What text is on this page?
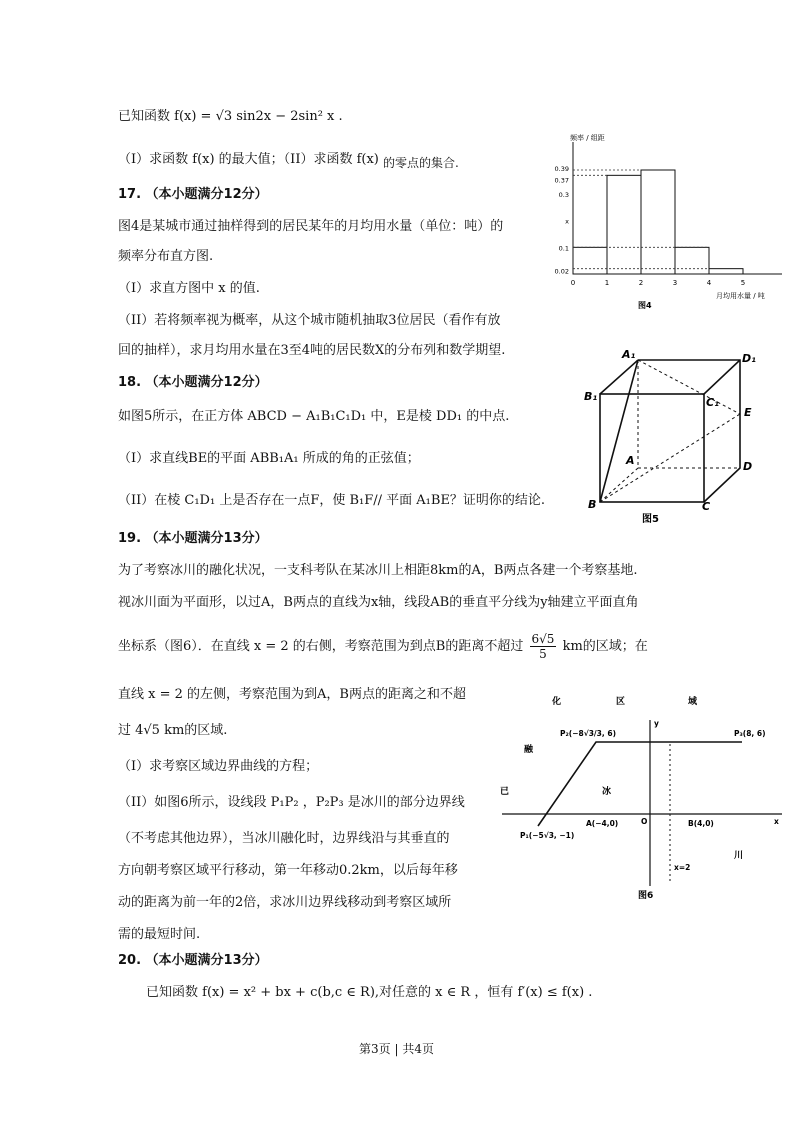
已知函数 f(x) = √3 sin2x − 2sin² x .
（I）求函数 f(x) 的最大值；（II）求函数 f(x) 的零点的集合.
17. （本小题满分12分）
图4是某城市通过抽样得到的居民某年的月均用水量（单位：吨）的
频率分布直方图.
（I）求直方图中 x 的值.
（II）若将频率视为概率，从这个城市随机抽取3位居民（看作有放
回的抽样），求月均用水量在3至4吨的居民数X的分布列和数学期望.
频率 / 组距
0.39
0.37
0.3
x
0.1
0.02
0	1	2	3	4	5
月均用水量 / 吨
图4
18. （本小题满分12分）
如图5所示，在正方体 ABCD − A₁B₁C₁D₁ 中，E是棱 DD₁ 的中点.
（I）求直线BE的平面 ABB₁A₁ 所成的角的正弦值；
（II）在棱 C₁D₁ 上是否存在一点F，使 B₁F// 平面 A₁BE？证明你的结论.
A₁	D₁
B₁	C₁
E
A	D
B	C
图5
19. （本小题满分13分）
为了考察冰川的融化状况，一支科考队在某冰川上相距8km的A，B两点各建一个考察基地.
视冰川面为平面形，以过A，B两点的直线为x轴，线段AB的垂直平分线为y轴建立平面直角
坐标系（图6）．在直线 x = 2 的右侧，考察范围为到点B的距离不超过 $\frac{6√5}{5}$ km的区域；在
直线 x = 2 的左侧，考察范围为到A，B两点的距离之和不超
过 4√5 km的区域.
（I）求考察区域边界曲线的方程；
（II）如图6所示，设线段 P₁P₂ ，P₂P₃ 是冰川的部分边界线
（不考虑其他边界），当冰川融化时，边界线沿与其垂直的
方向朝考察区域平行移动，第一年移动0.2km，以后每年移
动的距离为前一年的2倍，求冰川边界线移动到考察区域所
需的最短时间.
化	区	域
融
已	冰
川
P₂(−8√3/3, 6)	P₃(8, 6)
P₁(−5√3, −1)
A(−4,0)	O	B(4,0)
y
x
x=2
图6
20. （本小题满分13分）
已知函数 f(x) = x² + bx + c(b,c ∈ R),对任意的 x ∈ R ，恒有 f′(x) ≤ f(x) .
第3页 | 共4页
